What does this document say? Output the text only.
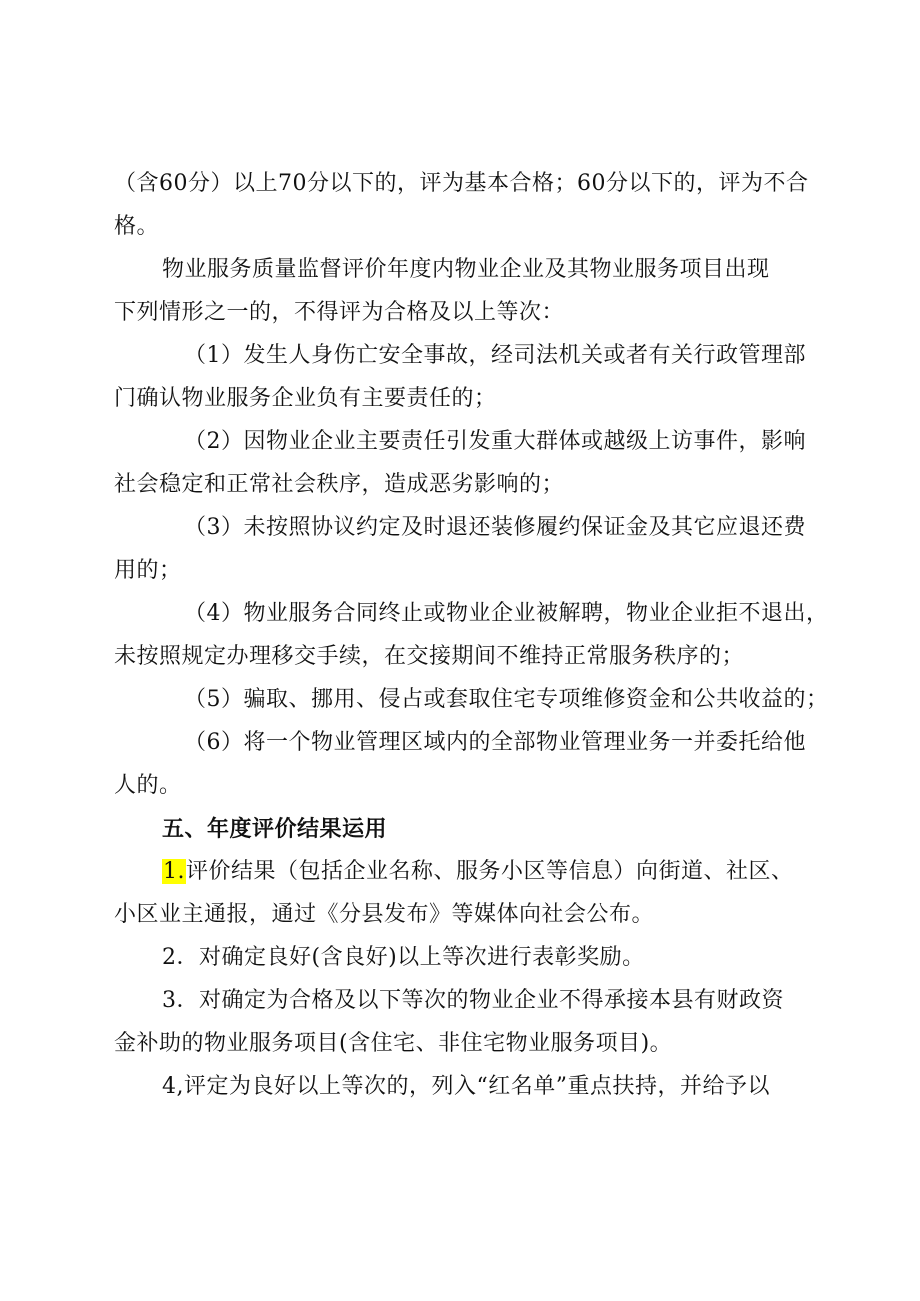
（含60分）以上70分以下的，评为基本合格；60分以下的，评为不合
格。
物业服务质量监督评价年度内物业企业及其物业服务项目出现
下列情形之一的，不得评为合格及以上等次：
（1）发生人身伤亡安全事故，经司法机关或者有关行政管理部
门确认物业服务企业负有主要责任的；
（2）因物业企业主要责任引发重大群体或越级上访事件，影响
社会稳定和正常社会秩序，造成恶劣影响的；
（3）未按照协议约定及时退还装修履约保证金及其它应退还费
用的；
（4）物业服务合同终止或物业企业被解聘，物业企业拒不退出，
未按照规定办理移交手续，在交接期间不维持正常服务秩序的；
（5）骗取、挪用、侵占或套取住宅专项维修资金和公共收益的；
（6）将一个物业管理区域内的全部物业管理业务一并委托给他
人的。
五、年度评价结果运用
1.评价结果（包括企业名称、服务小区等信息）向街道、社区、
小区业主通报，通过《分县发布》等媒体向社会公布。
2．对确定良好(含良好)以上等次进行表彰奖励。
3．对确定为合格及以下等次的物业企业不得承接本县有财政资
金补助的物业服务项目(含住宅、非住宅物业服务项目)。
4,评定为良好以上等次的，列入“红名单”重点扶持，并给予以
